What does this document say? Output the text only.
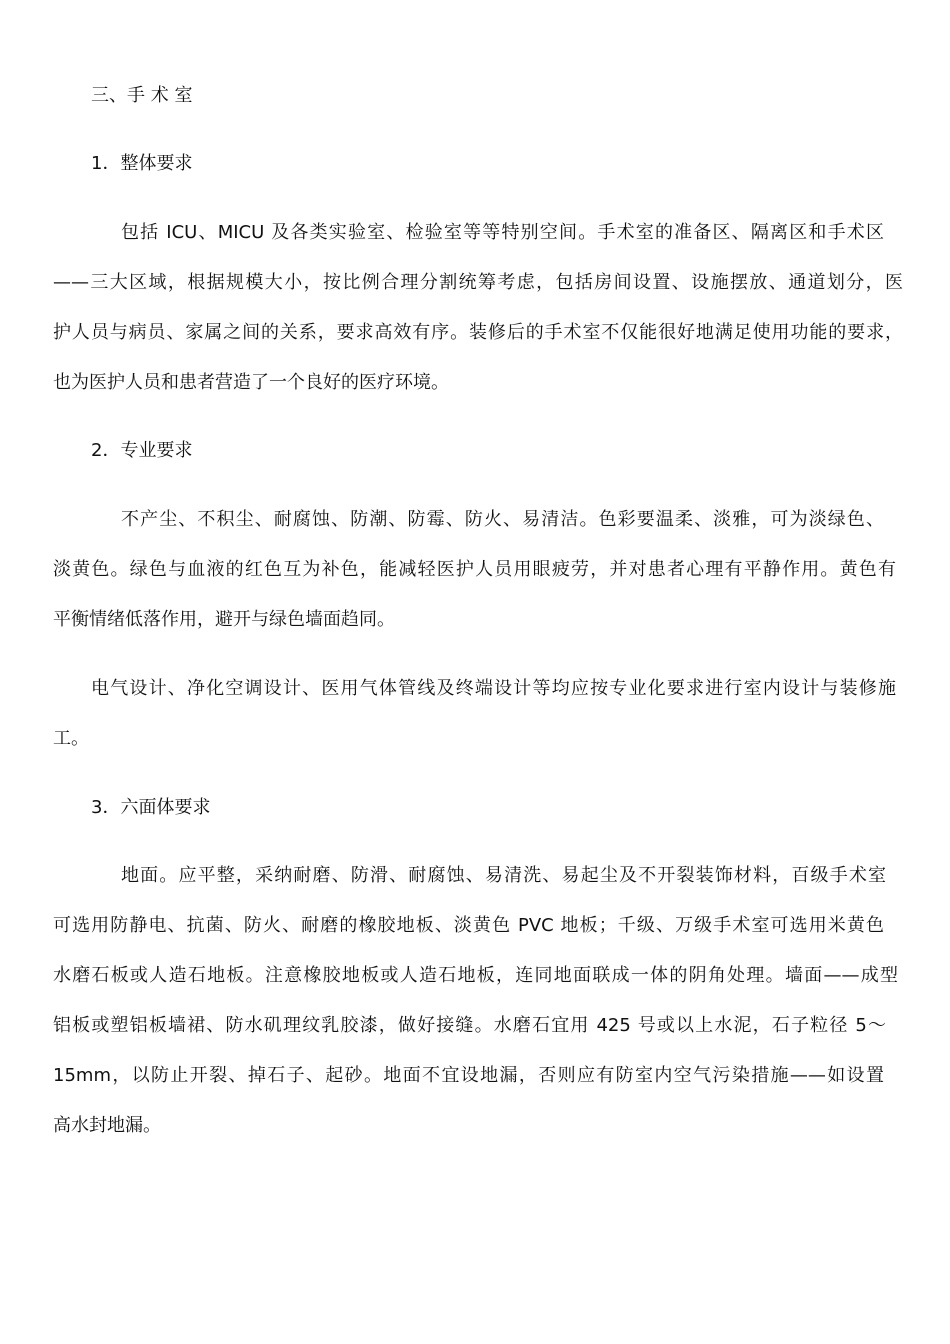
三、手 术 室
1．整体要求
包括 ICU、MICU 及各类实验室、检验室等等特别空间。手术室的准备区、隔离区和手术区
——三大区域，根据规模大小，按比例合理分割统筹考虑，包括房间设置、设施摆放、通道划分，医
护人员与病员、家属之间的关系，要求高效有序。装修后的手术室不仅能很好地满足使用功能的要求，
也为医护人员和患者营造了一个良好的医疗环境。
2．专业要求
不产尘、不积尘、耐腐蚀、防潮、防霉、防火、易清洁。色彩要温柔、淡雅，可为淡绿色、
淡黄色。绿色与血液的红色互为补色，能减轻医护人员用眼疲劳，并对患者心理有平静作用。黄色有
平衡情绪低落作用，避开与绿色墙面趋同。
电气设计、净化空调设计、医用气体管线及终端设计等均应按专业化要求进行室内设计与装修施
工。
3．六面体要求
地面。应平整，采纳耐磨、防滑、耐腐蚀、易清洗、易起尘及不开裂装饰材料，百级手术室
可选用防静电、抗菌、防火、耐磨的橡胶地板、淡黄色 PVC 地板；千级、万级手术室可选用米黄色
水磨石板或人造石地板。注意橡胶地板或人造石地板，连同地面联成一体的阴角处理。墙面——成型
铝板或塑铝板墙裙、防水矶理纹乳胶漆，做好接缝。水磨石宜用 425 号或以上水泥，石子粒径 5～
15mm，以防止开裂、掉石子、起砂。地面不宜设地漏，否则应有防室内空气污染措施——如设置
高水封地漏。
